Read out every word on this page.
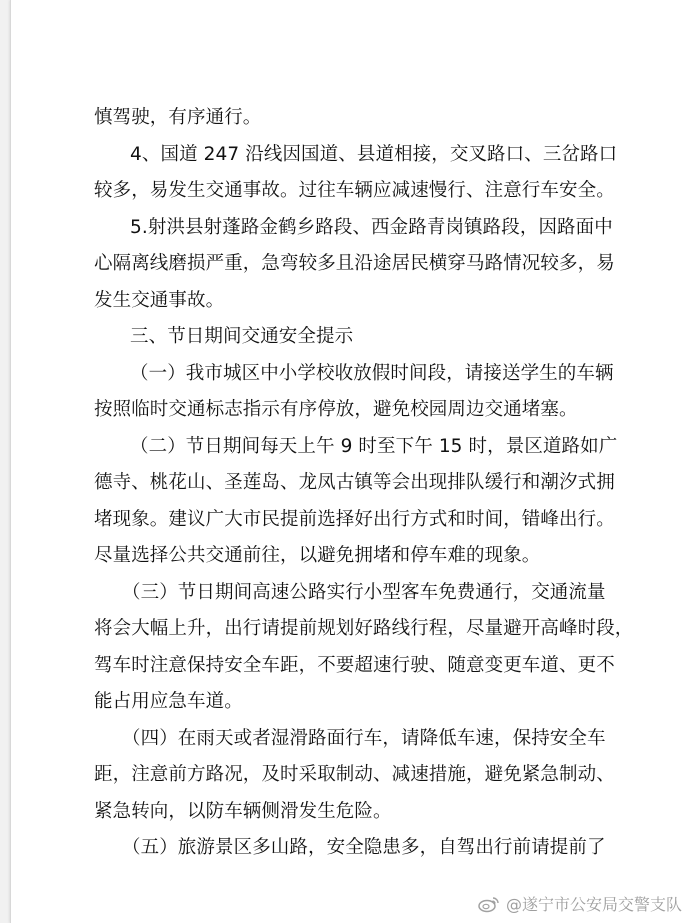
慎驾驶，有序通行。

4、国道 247 沿线因国道、县道相接，交叉路口、三岔路口
较多，易发生交通事故。过往车辆应减速慢行、注意行车安全。

5.射洪县射蓬路金鹤乡路段、西金路青岗镇路段，因路面中
心隔离线磨损严重，急弯较多且沿途居民横穿马路情况较多，易
发生交通事故。

三、节日期间交通安全提示

（一）我市城区中小学校收放假时间段，请接送学生的车辆
按照临时交通标志指示有序停放，避免校园周边交通堵塞。

（二）节日期间每天上午 9 时至下午 15 时，景区道路如广
德寺、桃花山、圣莲岛、龙凤古镇等会出现排队缓行和潮汐式拥
堵现象。建议广大市民提前选择好出行方式和时间，错峰出行。
尽量选择公共交通前往，以避免拥堵和停车难的现象。

（三）节日期间高速公路实行小型客车免费通行，交通流量
将会大幅上升，出行请提前规划好路线行程，尽量避开高峰时段，
驾车时注意保持安全车距，不要超速行驶、随意变更车道、更不
能占用应急车道。

（四）在雨天或者湿滑路面行车，请降低车速，保持安全车
距，注意前方路况，及时采取制动、减速措施，避免紧急制动、
紧急转向，以防车辆侧滑发生危险。

（五）旅游景区多山路，安全隐患多，自驾出行前请提前了

@遂宁市公安局交警支队
